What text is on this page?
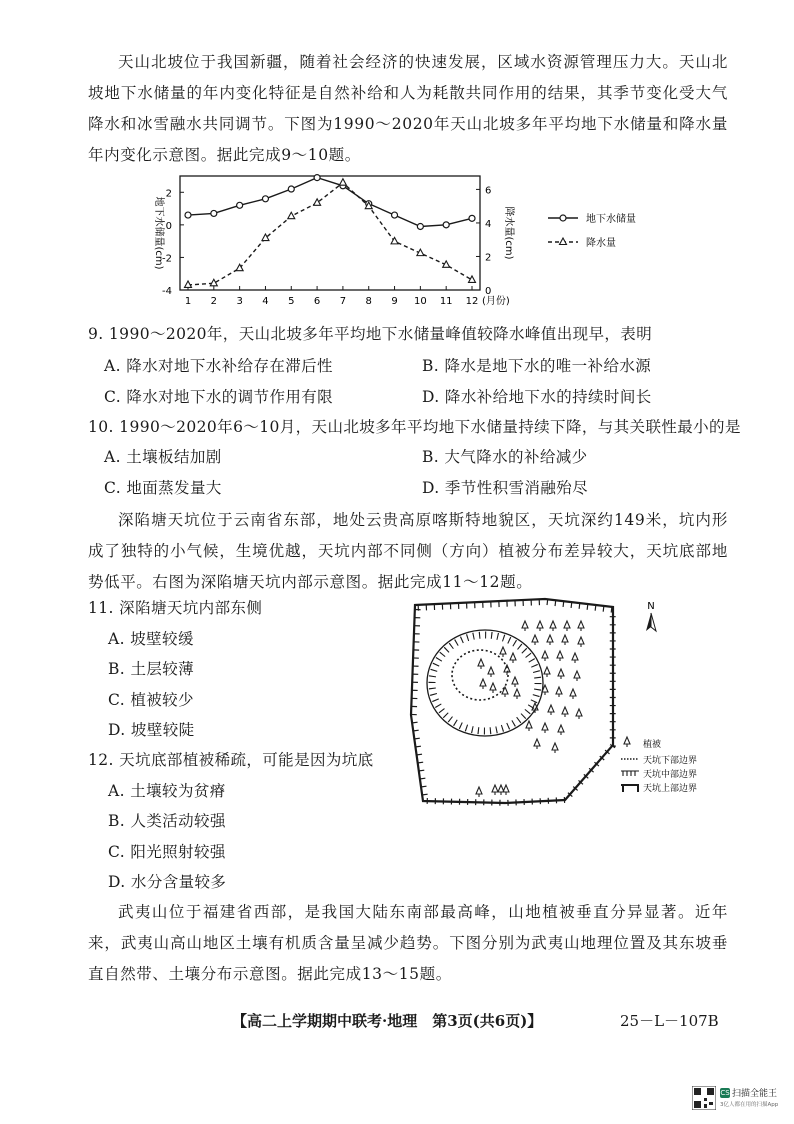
天山北坡位于我国新疆，随着社会经济的快速发展，区域水资源管理压力大。天山北坡地下水储量的年内变化特征是自然补给和人为耗散共同作用的结果，其季节变化受大气降水和冰雪融水共同调节。下图为1990～2020年天山北坡多年平均地下水储量和降水量年内变化示意图。据此完成9～10题。
2
0
-2
-4
6
4
2
0
1 2 3 4 5 6 7 8 9 10 11 12 (月份)
地下水储量(cm)	降水量(cm)	地下水储量
降水量
9. 1990～2020年，天山北坡多年平均地下水储量峰值较降水峰值出现早，表明
A. 降水对地下水补给存在滞后性	B. 降水是地下水的唯一补给水源
C. 降水对地下水的调节作用有限	D. 降水补给地下水的持续时间长
10. 1990～2020年6～10月，天山北坡多年平均地下水储量持续下降，与其关联性最小的是
A. 土壤板结加剧	B. 大气降水的补给减少
C. 地面蒸发量大	D. 季节性积雪消融殆尽
深陷塘天坑位于云南省东部，地处云贵高原喀斯特地貌区，天坑深约149米，坑内形成了独特的小气候，生境优越，天坑内部不同侧（方向）植被分布差异较大，天坑底部地势低平。右图为深陷塘天坑内部示意图。据此完成11～12题。
11. 深陷塘天坑内部东侧
A. 坡壁较缓
B. 土层较薄
C. 植被较少
D. 坡壁较陡
12. 天坑底部植被稀疏，可能是因为坑底
A. 土壤较为贫瘠
B. 人类活动较强
C. 阳光照射较强
D. 水分含量较多
N
植被
天坑下部边界
天坑中部边界
天坑上部边界
武夷山位于福建省西部，是我国大陆东南部最高峰，山地植被垂直分异显著。近年来，武夷山高山地区土壤有机质含量呈减少趋势。下图分别为武夷山地理位置及其东坡垂直自然带、土壤分布示意图。据此完成13～15题。
【高二上学期期中联考·地理　第3页(共6页)】	25－L－107B
CS 扫描全能王
3亿人都在用的扫描App
